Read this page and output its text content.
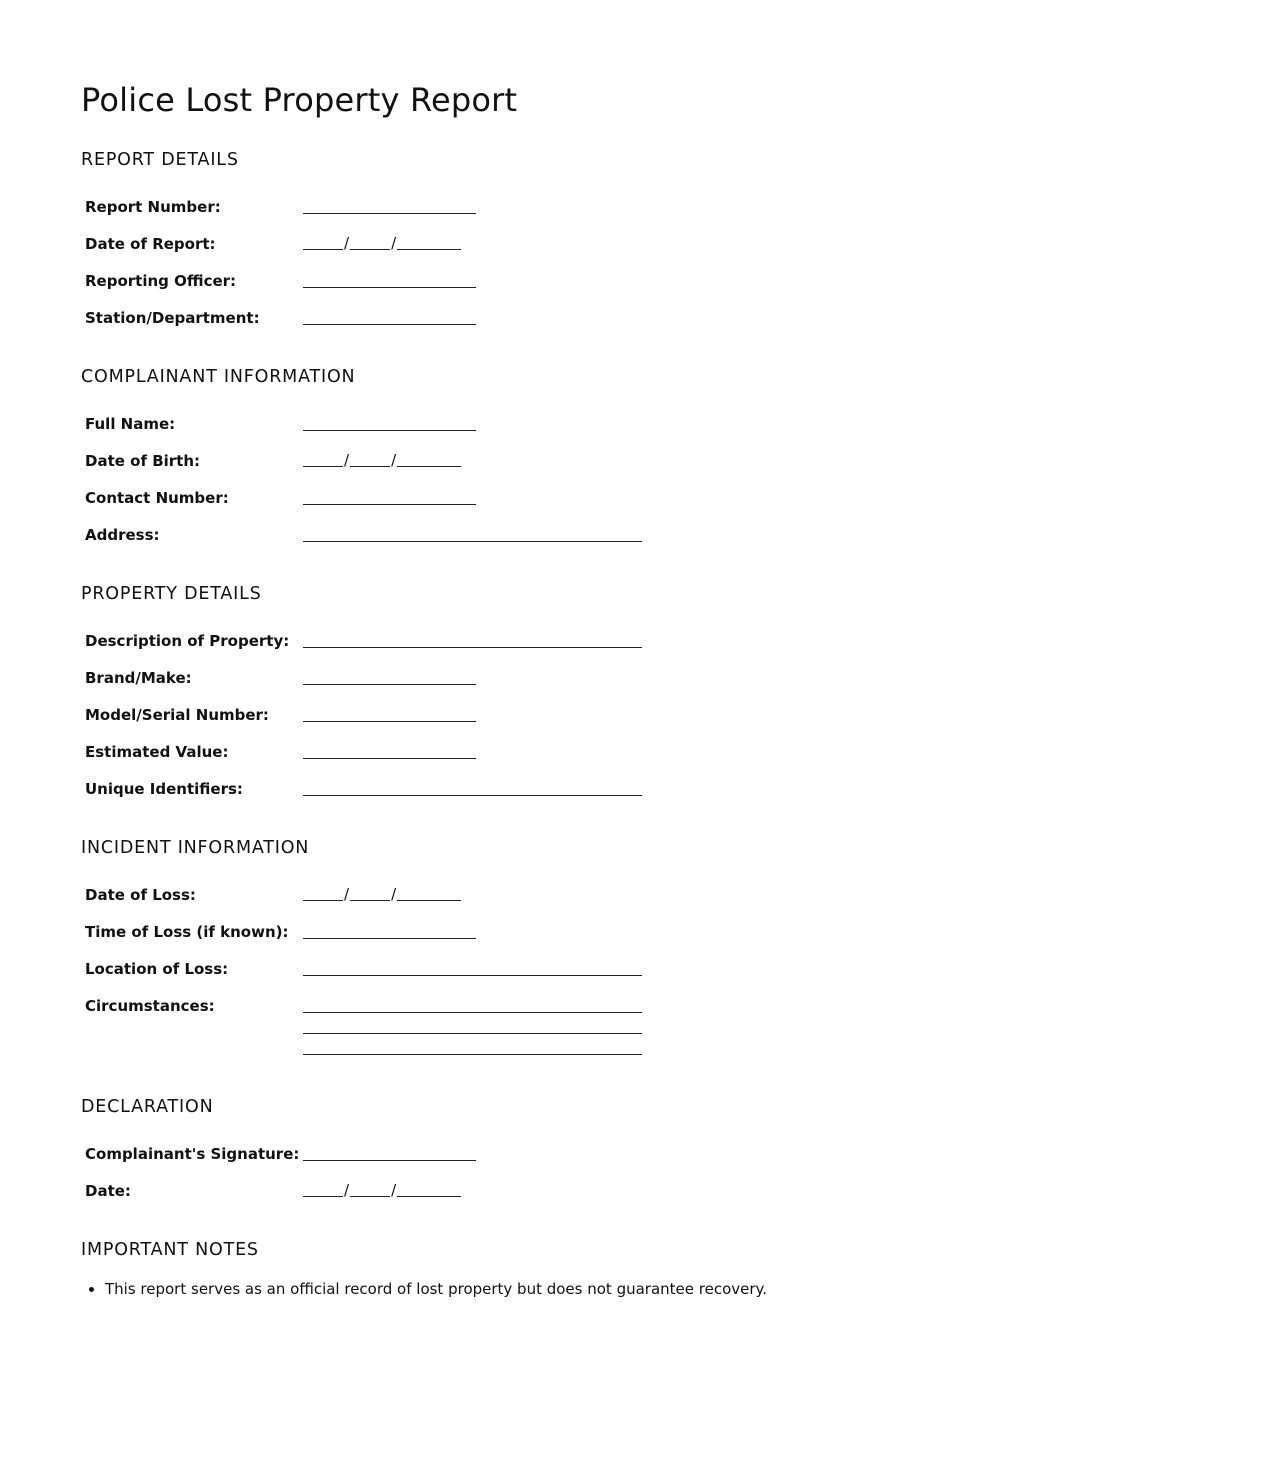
Police Lost Property Report
REPORT DETAILS
Report Number:
Date of Report:	/	/
Reporting Officer:
Station/Department:
COMPLAINANT INFORMATION
Full Name:
Date of Birth:	/	/
Contact Number:
Address:
PROPERTY DETAILS
Description of Property:
Brand/Make:
Model/Serial Number:
Estimated Value:
Unique Identifiers:
INCIDENT INFORMATION
Date of Loss:	/	/
Time of Loss (if known):
Location of Loss:
Circumstances:
DECLARATION
Complainant's Signature:
Date:	/	/
IMPORTANT NOTES
• This report serves as an official record of lost property but does not guarantee recovery.
